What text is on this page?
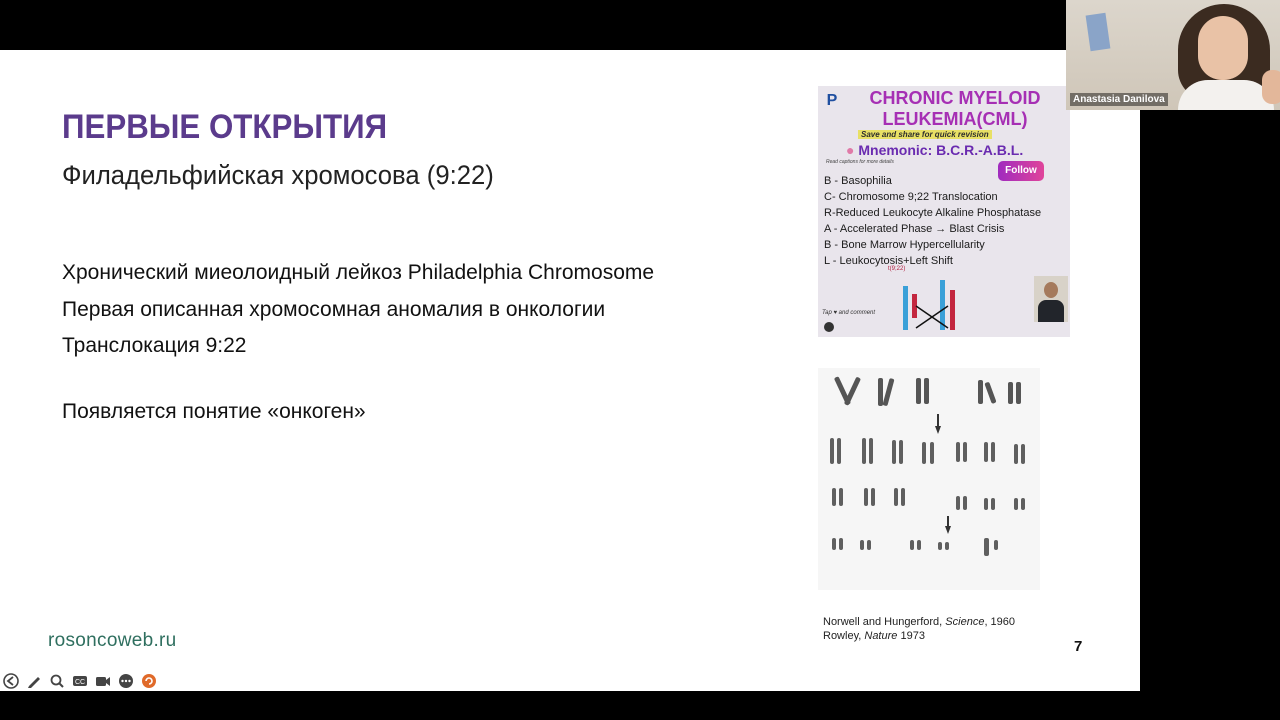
ПЕРВЫЕ ОТКРЫТИЯ
Филадельфийская хромосова (9:22)
Хронический миеолоидный лейкоз Philadelphia Chromosome
Первая описанная хромосомная аномалия в онкологии
Транслокация 9:22
Появляется понятие «онкоген»
rosoncoweb.ru	7
Norwell and Hungerford, Science, 1960
Rowley, Nature 1973
P	CHRONIC MYELOID
LEUKEMIA(CML)
Save and share for quick revision
● Mnemonic: B.C.R.-A.B.L.
Read captions for more details
Follow
B - Basophilia
C- Chromosome 9;22 Translocation
R-Reduced Leukocyte Alkaline Phosphatase
A - Accelerated Phase → Blast Crisis
B - Bone Marrow Hypercellularity
L - Leukocytosis+Left Shift
t(9;22)
Tap ♥ and comment
Anastasia Danilova
CC
